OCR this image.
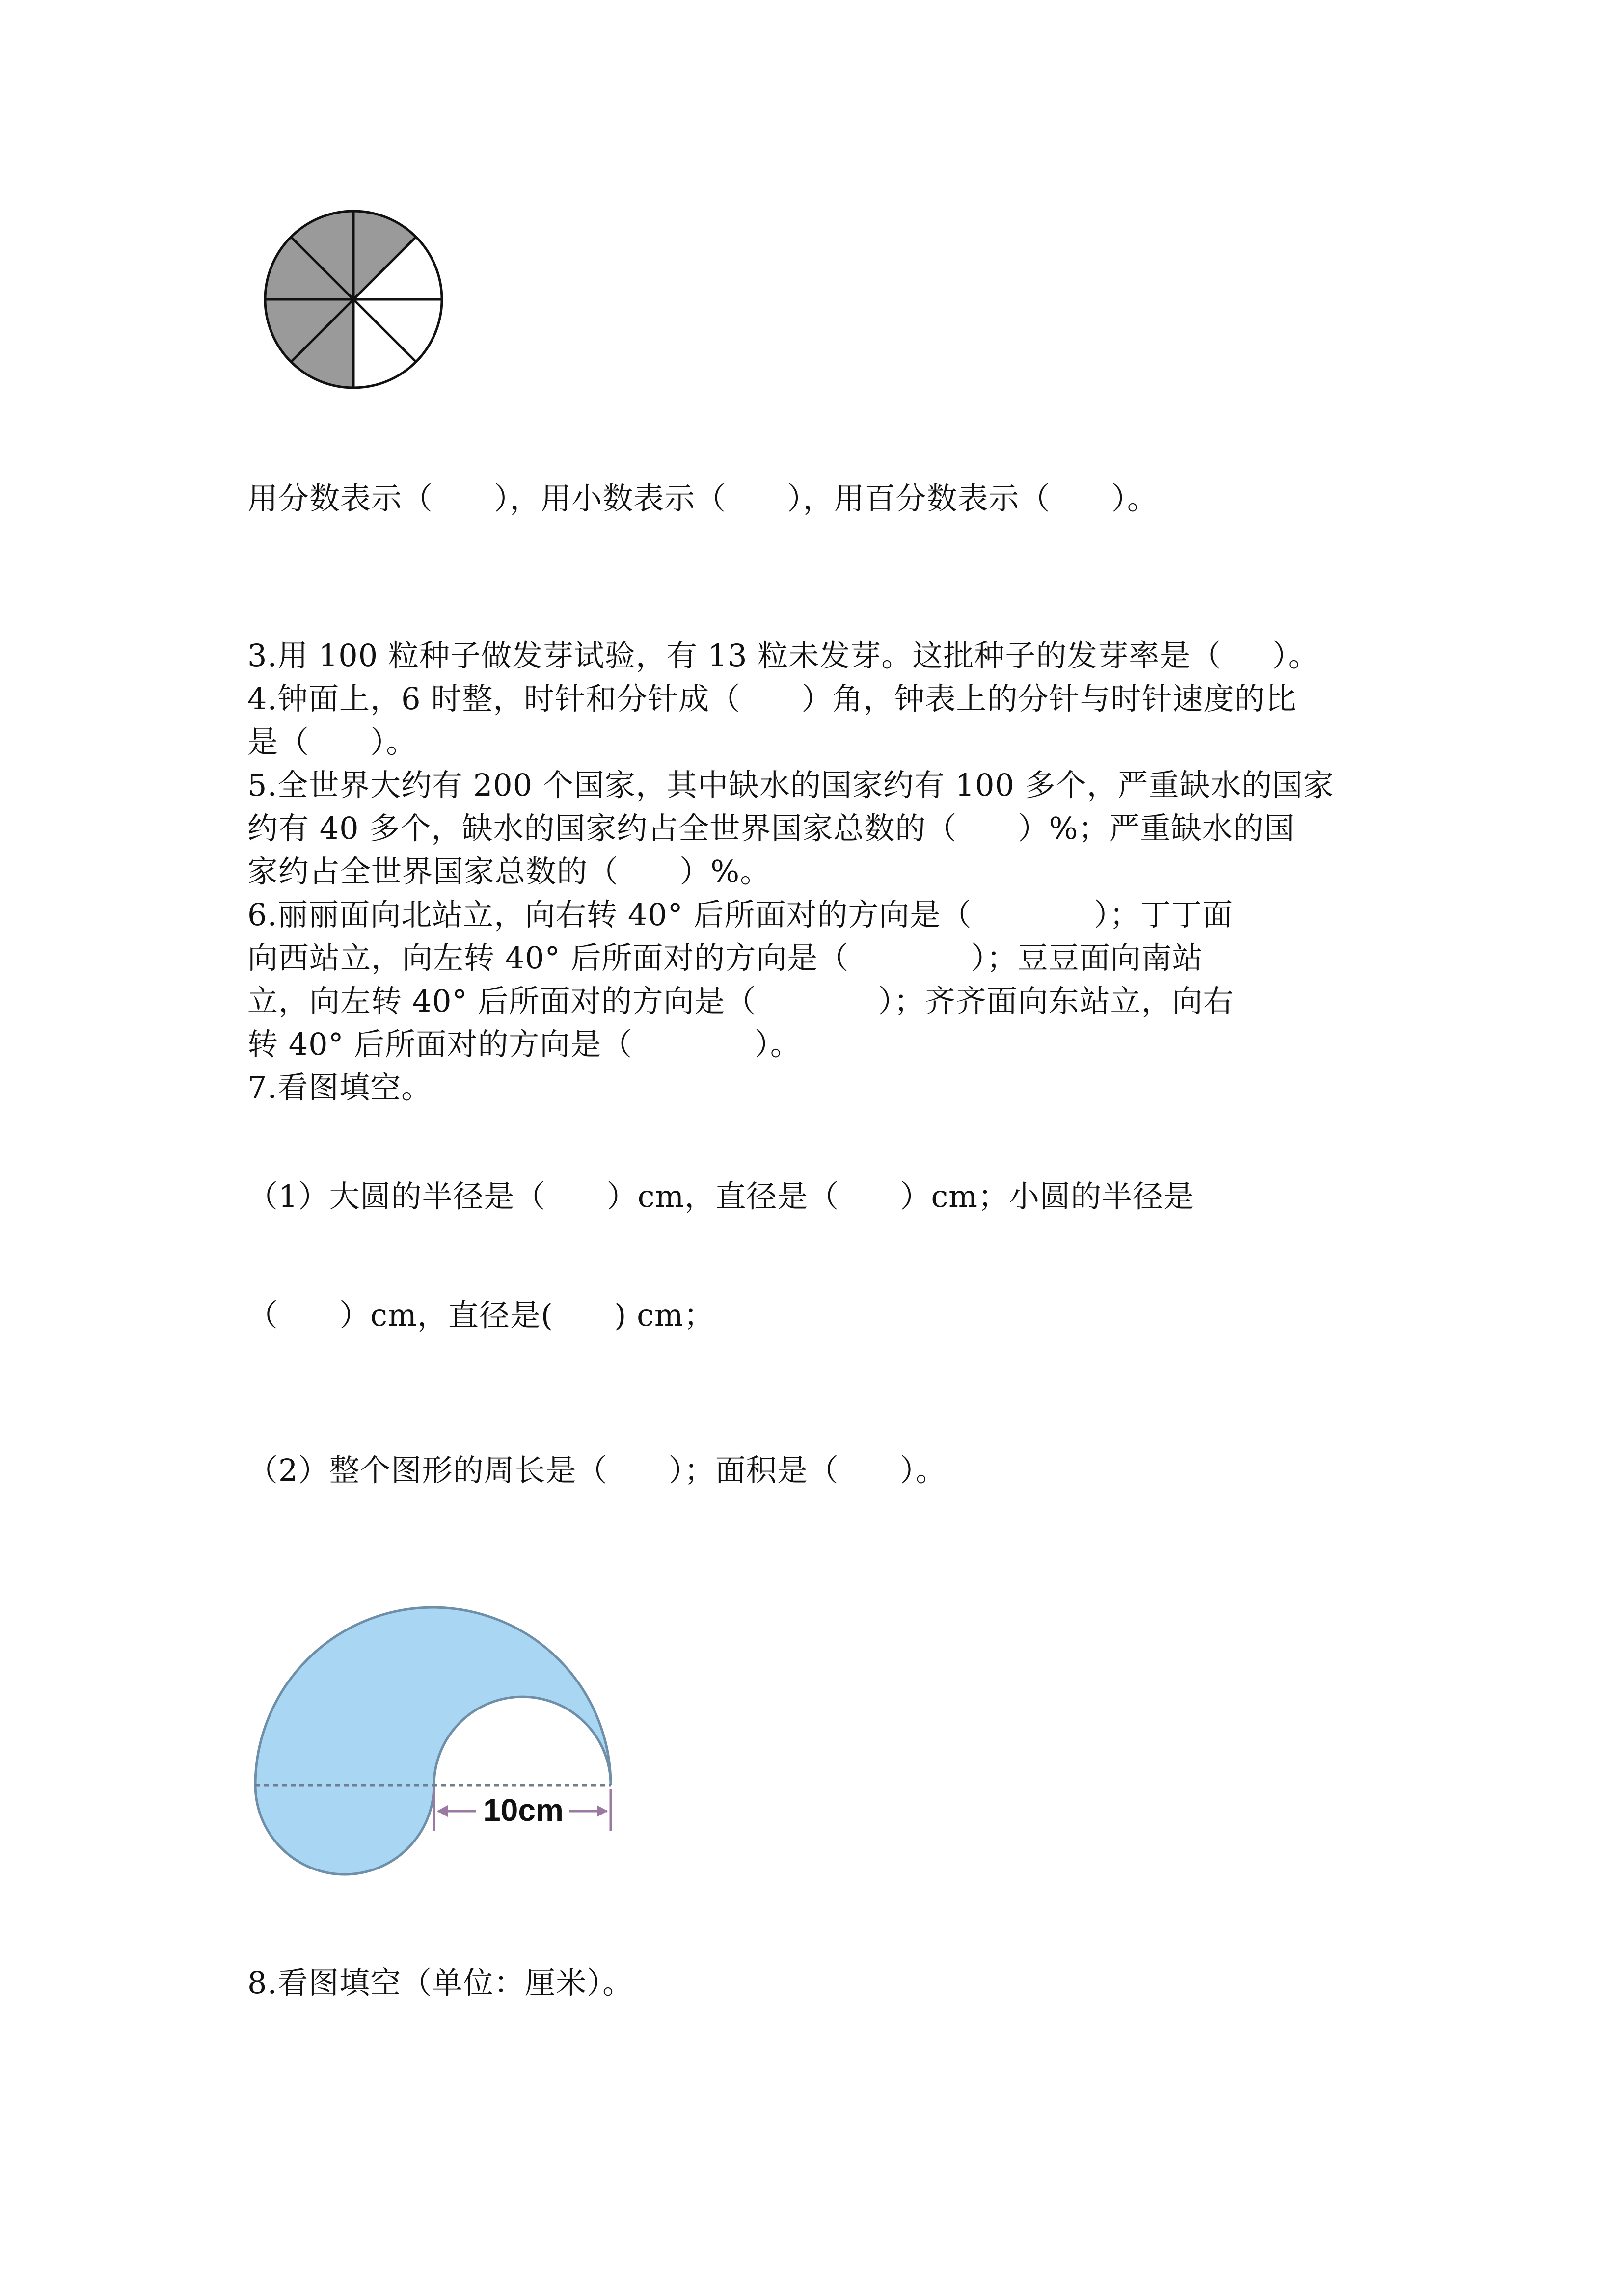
用分数表示（      ），用小数表示（      ），用百分数表示（      ）。
3.用 100 粒种子做发芽试验，有 13 粒未发芽。这批种子的发芽率是（     ）。
4.钟面上，6 时整，时针和分针成（      ）角，钟表上的分针与时针速度的比
是（      ）。
5.全世界大约有 200 个国家，其中缺水的国家约有 100 多个，严重缺水的国家
约有 40 多个，缺水的国家约占全世界国家总数的（      ）%；严重缺水的国
家约占全世界国家总数的（      ）%。
6.丽丽面向北站立，向右转 40° 后所面对的方向是（            ）；丁丁面
向西站立，向左转 40° 后所面对的方向是（            ）；豆豆面向南站
立，向左转 40° 后所面对的方向是（            ）；齐齐面向东站立，向右
转 40° 后所面对的方向是（            ）。
7.看图填空。
（1）大圆的半径是（      ）cm，直径是（      ）cm；小圆的半径是
（      ）cm，直径是(      ) cm；
（2）整个图形的周长是（      ）；面积是（      ）。
10cm
8.看图填空（单位：厘米）。
